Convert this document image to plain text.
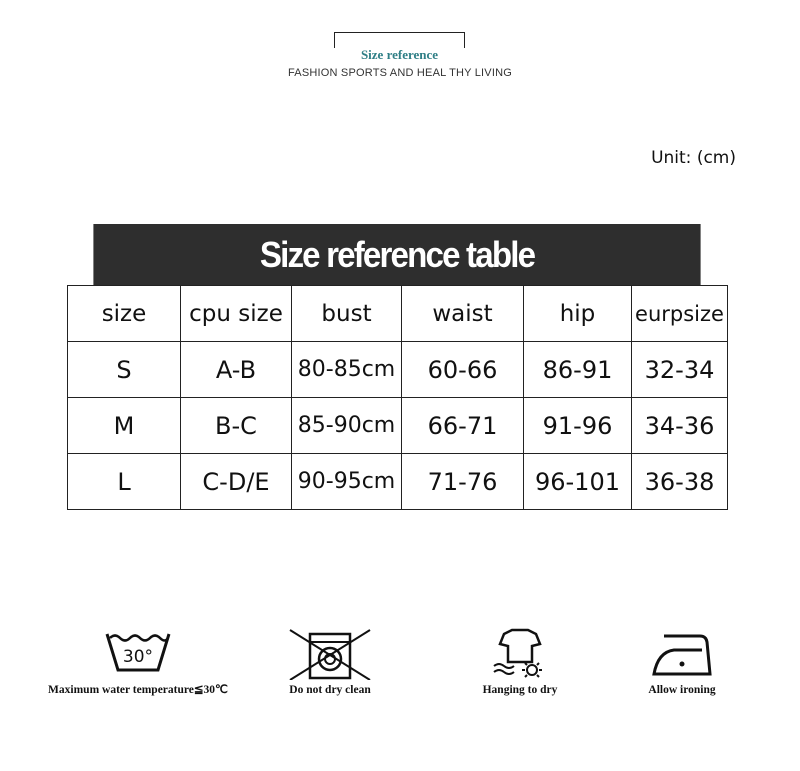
Size reference
FASHION SPORTS AND HEAL THY LIVING
Unit: (cm)
Size reference table
size	cpu size	bust	waist	hip	eurpsize
S	A-B	80-85cm	60-66	86-91	32-34
M	B-C	85-90cm	66-71	91-96	34-36
L	C-D/E	90-95cm	71-76	96-101	36-38
30°
Maximum water temperature≦30℃	Do not dry clean	Hanging to dry	Allow ironing
